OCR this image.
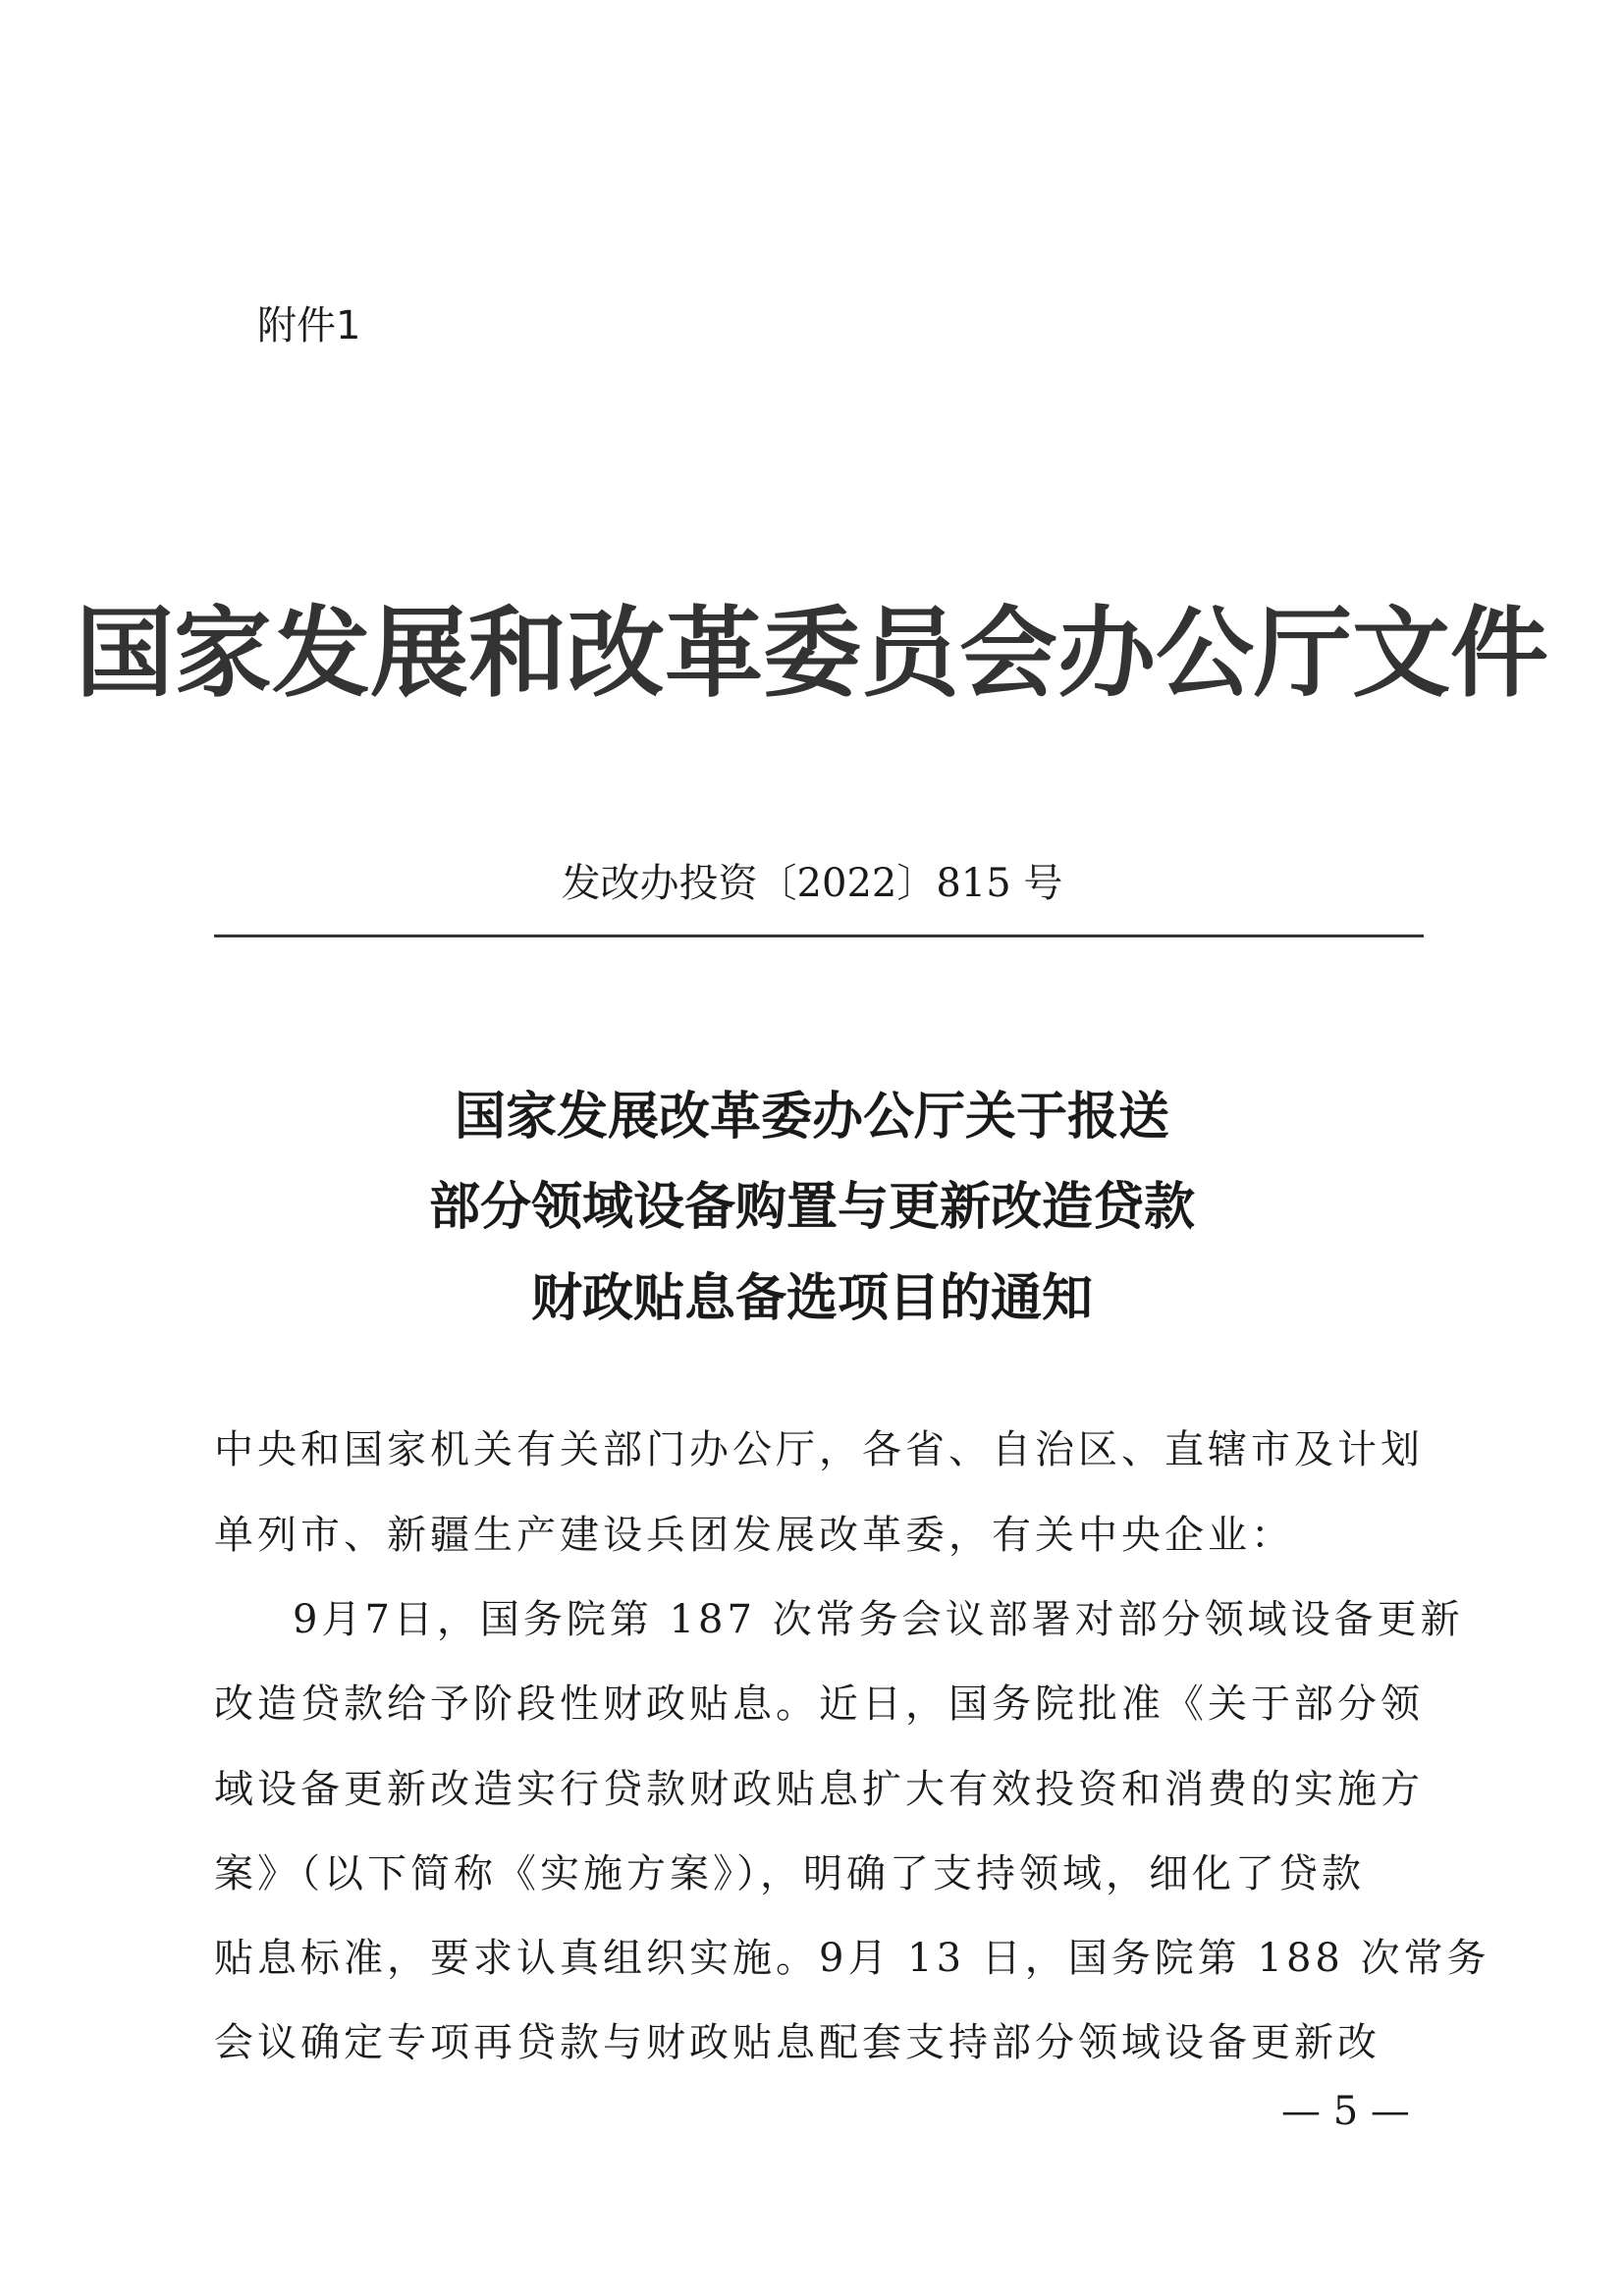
附件1
国家发展和改革委员会办公厅文件
发改办投资〔2022〕815 号
国家发展改革委办公厅关于报送
部分领域设备购置与更新改造贷款
财政贴息备选项目的通知
中央和国家机关有关部门办公厅，各省、自治区、直辖市及计划
单列市、新疆生产建设兵团发展改革委，有关中央企业：
9月7日，国务院第 187 次常务会议部署对部分领域设备更新
改造贷款给予阶段性财政贴息。近日，国务院批准《关于部分领
域设备更新改造实行贷款财政贴息扩大有效投资和消费的实施方
案》（以下简称《实施方案》），明确了支持领域，细化了贷款
贴息标准，要求认真组织实施。9月 13 日，国务院第 188 次常务
会议确定专项再贷款与财政贴息配套支持部分领域设备更新改
— 5 —
